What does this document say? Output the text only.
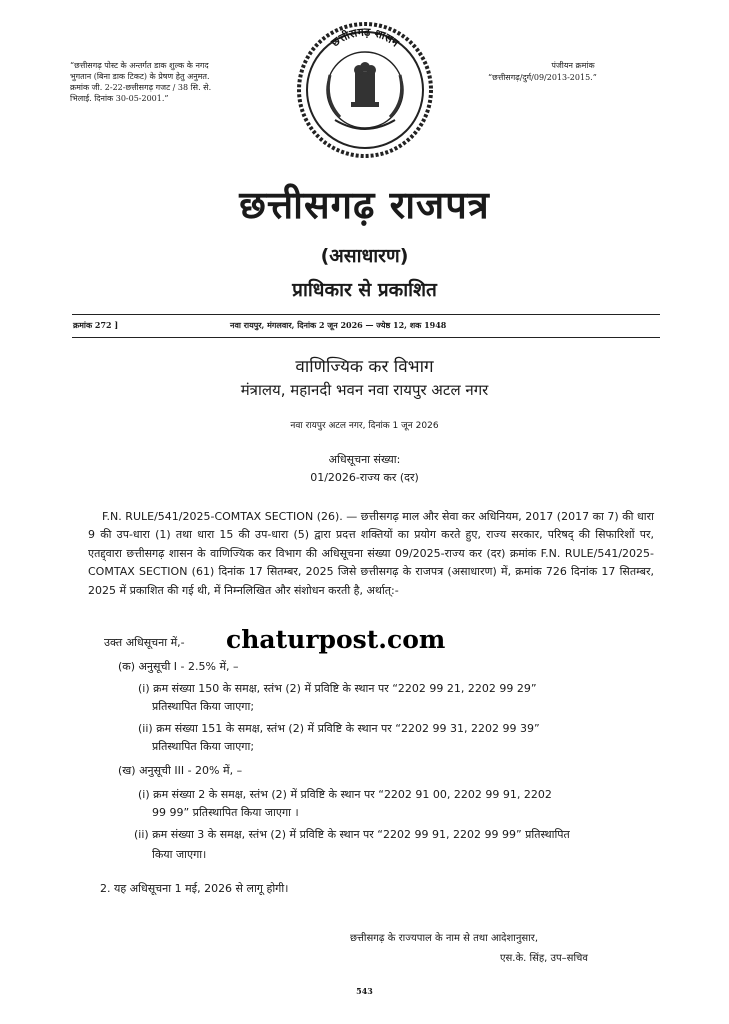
“छत्तीसगढ़ पोस्ट के अन्तर्गत डाक शुल्क के नगद भुगतान (बिना डाक टिकट) के प्रेषण हेतु अनुमत. क्रमांक जी. 2-22-छत्तीसगढ़ गजट / 38 सि. से. भिलाई. दिनांक 30-05-2001.”
पंजीयन क्रमांक
“छत्तीसगढ़/दुर्ग/09/2013-2015.”
छत्तीसगढ़ शासन
छत्तीसगढ़ राजपत्र
(असाधारण)
प्राधिकार से प्रकाशित
क्रमांक 272 ]	नवा रायपुर, मंगलवार, दिनांक 2 जून 2026 — ज्येष्ठ 12, शक 1948
वाणिज्यिक कर विभाग
मंत्रालय, महानदी भवन नवा रायपुर अटल नगर
नवा रायपुर अटल नगर, दिनांक 1 जून 2026
अधिसूचना संख्या:
01/2026-राज्य कर (दर)
F.N. RULE/541/2025-COMTAX SECTION (26). — छत्तीसगढ़ माल और सेवा कर अधिनियम, 2017 (2017 का 7) की धारा 9 की उप-धारा (1) तथा धारा 15 की उप-धारा (5) द्वारा प्रदत्त शक्तियों का प्रयोग करते हुए, राज्य सरकार, परिषद् की सिफारिशों पर, एतद्द्वारा छत्तीसगढ़ शासन के वाणिज्यिक कर विभाग की अधिसूचना संख्या 09/2025-राज्य कर (दर) क्रमांक F.N. RULE/541/2025-COMTAX SECTION (61) दिनांक 17 सितम्बर, 2025 जिसे छत्तीसगढ़ के राजपत्र (असाधारण) में, क्रमांक 726 दिनांक 17 सितम्बर, 2025 में प्रकाशित की गई थी, में निम्नलिखित और संशोधन करती है, अर्थात्:-
उक्त अधिसूचना में,- chaturpost.com
(क) अनुसूची I - 2.5% में, –
(i) क्रम संख्या 150 के समक्ष, स्तंभ (2) में प्रविष्टि के स्थान पर “2202 99 21, 2202 99 29”
प्रतिस्थापित किया जाएगा;
(ii) क्रम संख्या 151 के समक्ष, स्तंभ (2) में प्रविष्टि के स्थान पर “2202 99 31, 2202 99 39”
प्रतिस्थापित किया जाएगा;
(ख) अनुसूची III - 20% में, –
(i) क्रम संख्या 2 के समक्ष, स्तंभ (2) में प्रविष्टि के स्थान पर “2202 91 00, 2202 99 91, 2202
99 99” प्रतिस्थापित किया जाएगा ।
(ii) क्रम संख्या 3 के समक्ष, स्तंभ (2) में प्रविष्टि के स्थान पर “2202 99 91, 2202 99 99” प्रतिस्थापित
किया जाएगा।
2. यह अधिसूचना 1 मई, 2026 से लागू होगी।
छत्तीसगढ़ के राज्यपाल के नाम से तथा आदेशानुसार,
एस.के. सिंह, उप–सचिव
543
